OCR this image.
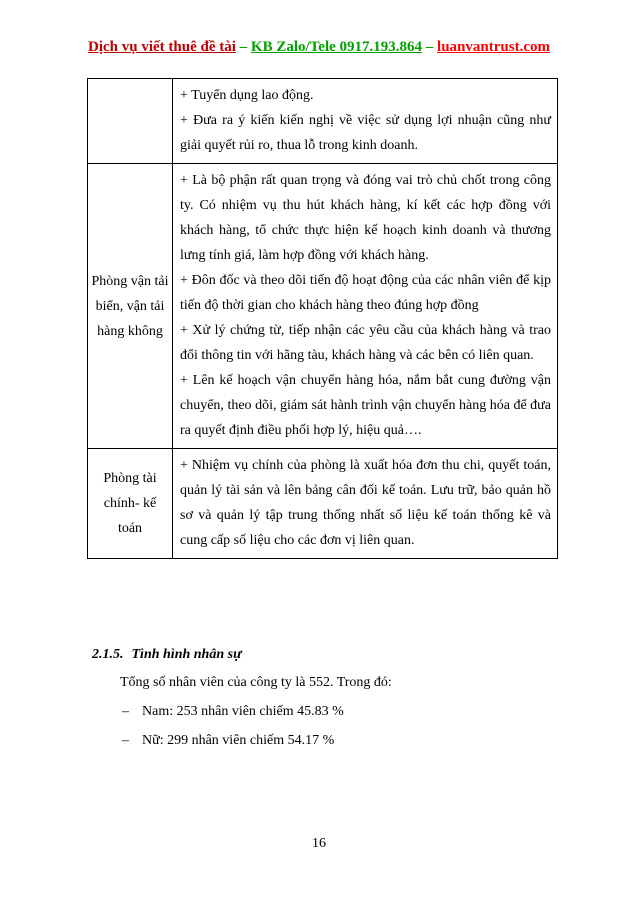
Dịch vụ viết thuê đề tài – KB Zalo/Tele 0917.193.864 – luanvantrust.com

	+ Tuyển dụng lao động.

+ Đưa ra ý kiến kiến nghị về việc sử dụng lợi nhuận cũng như giải quyết rủi ro, thua lỗ trong kinh doanh.

Phòng vận tải biển, vận tải hàng không	+ Là bộ phận rất quan trọng và đóng vai trò chủ chốt trong công ty. Có nhiệm vụ thu hút khách hàng, kí kết các hợp đồng với khách hàng, tổ chức thực hiện kế hoạch kinh doanh và thương lưng tính giá, làm hợp đồng với khách hàng.

+ Đôn đốc và theo dõi tiến độ hoạt động của các nhân viên để kịp tiến độ thời gian cho khách hàng theo đúng hợp đồng

+ Xử lý chứng từ, tiếp nhận các yêu cầu của khách hàng và trao đổi thông tin với hãng tàu, khách hàng và các bên có liên quan.

+ Lên kế hoạch vận chuyển hàng hóa, nắm bắt cung đường vận chuyển, theo dõi, giám sát hành trình vận chuyển hàng hóa để đưa ra quyết định điều phối hợp lý, hiệu quả….

Phòng tài chính- kế toán	+ Nhiệm vụ chính của phòng là xuất hóa đơn thu chi, quyết toán, quản lý tài sản và lên bảng cân đối kế toán. Lưu trữ, bảo quản hồ sơ và quản lý tập trung thống nhất số liệu kế toán thống kê và cung cấp số liệu cho các đơn vị liên quan.

2.1.5. Tình hình nhân sự
Tổng số nhân viên của công ty là 552. Trong đó:
– Nam: 253 nhân viên chiếm 45.83 %
– Nữ: 299 nhân viên chiếm 54.17 %
16
